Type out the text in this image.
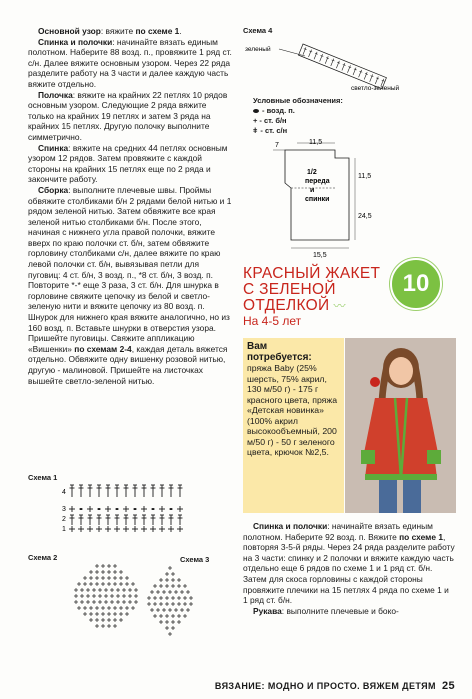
Основной узор: вяжите по схеме 1.

Спинка и полочки: начинайте вязать единым полотном. Наберите 88 возд. п., провяжите 1 ряд ст. с/н. Далее вяжите основным узором. Через 22 ряда разделите работу на 3 части и далее каждую часть вяжите отдельно.

Полочка: вяжите на крайних 22 петлях 10 рядов основным узором. Следующие 2 ряда вяжите только на крайних 19 петлях и затем 3 ряда на крайних 15 петлях. Другую полочку выполните симметрично.

Спинка: вяжите на средних 44 петлях основным узором 12 рядов. Затем провяжите с каждой стороны на крайних 15 петлях еще по 2 ряда и закончите работу.

Сборка: выполните плечевые швы. Проймы обвяжите столбиками б/н 2 рядами белой нитью и 1 рядом зеленой нитью. Затем обвяжите все края зеленой нитью столбиками б/н. После этого, начиная с нижнего угла правой полочки, вяжите вверх по краю полочки ст. б/н, затем обвяжите горловину столбиками с/н, далее вяжите по краю левой полочки ст. б/н, вывязывая петли для пуговиц: 4 ст. б/н, 3 возд. п., *8 ст. б/н, 3 возд. п. Повторите *-* еще 3 раза, 3 ст. б/н. Для шнурка в горловине свяжите цепочку из белой и светло-зеленую нити и вяжите цепочку из 80 возд. п. Шнурок для нижнего края вяжите аналогично, но из 160 возд. п. Вставьте шнурки в отверстия узора. Пришейте пуговицы. Свяжите аппликацию «Вишенки» по схемам 2-4, каждая деталь вяжется отдельно. Обвяжите одну вишенку розовой нитью, другую - малиновой. Пришейте на листочках вышейте светло-зеленой нитью.

Схема 1
4
3
2
1
Схема 2	Схема 3
Схема 4
зеленый
светло-зеленый
Условные обозначения:
- возд. п.
+ - ст. б/н
ǂ - ст. с/н
7	11,5
11,5
24,5
15,5
1/2
переда
и
спинки
КРАСНЫЙ ЖАКЕТ
С ЗЕЛЕНОЙ
ОТДЕЛКОЙ 〰
На 4-5 лет
10
Вам
потребуется:
пряжа Baby (25% шерсть, 75% акрил, 130 м/50 г) - 175 г красного цвета, пряжа «Детская новинка» (100% акрил высокообъемный, 200 м/50 г) - 50 г зеленого цвета, крючок №2,5.

Спинка и полочки: начинайте вязать единым полотном. Наберите 92 возд. п. Вяжите по схеме 1, повторяя 3-5-й ряды. Через 24 ряда разделите работу на 3 части: спинку и 2 полочки и вяжите каждую часть отдельно еще 6 рядов по схеме 1 и 1 ряд ст. б/н. Затем для скоса горловины с каждой стороны провяжите плечики на 15 петлях 4 ряда по схеме 1 и 1 ряд ст. б/н.

Рукава: выполните плечевые и боко-

ВЯЗАНИЕ: МОДНО И ПРОСТО. ВЯЖЕМ ДЕТЯМ 25
